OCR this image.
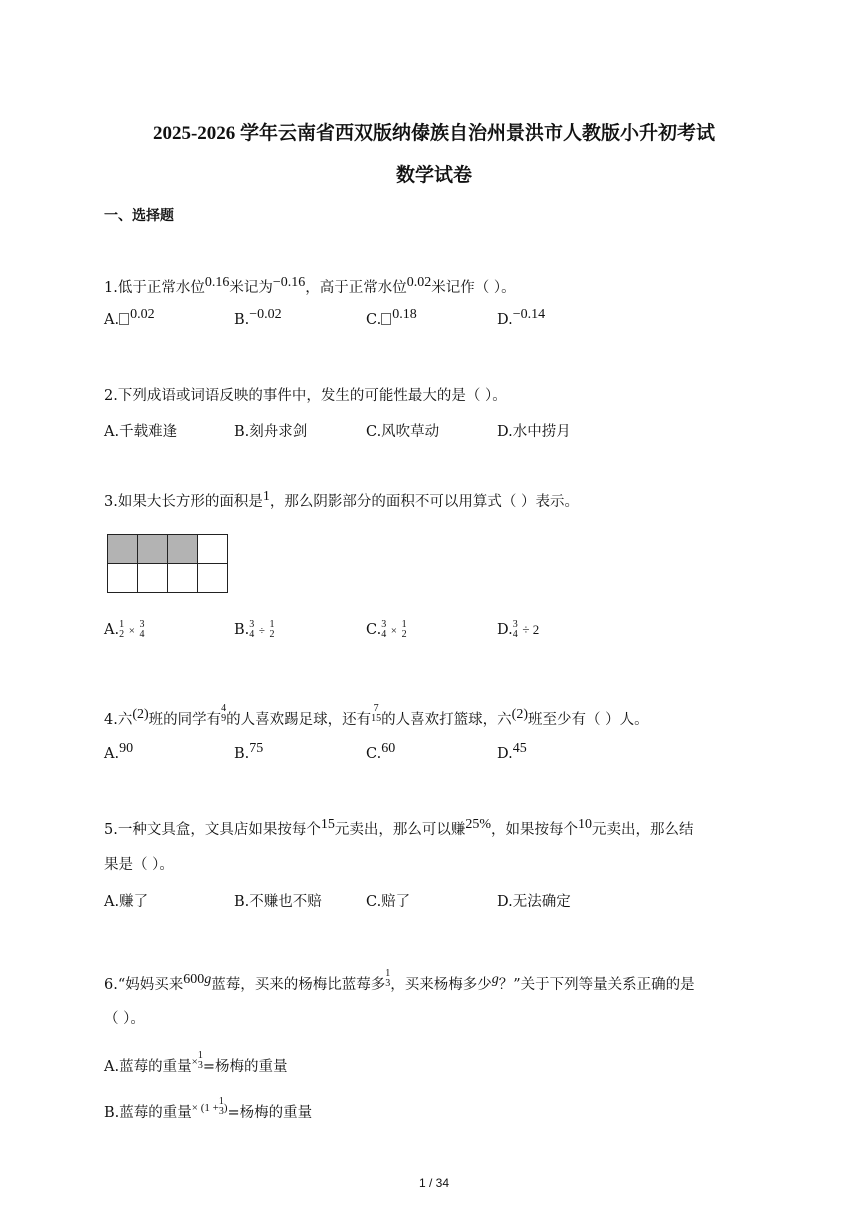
2025-2026 学年云南省西双版纳傣族自治州景洪市人教版小升初考试
数学试卷
一、选择题
1.低于正常水位0.16米记为−0.16，高于正常水位0.02米记作（ ）。
A. 0.02	B.−0.02	C. 0.18	D.−0.14
2.下列成语或词语反映的事件中，发生的可能性最大的是（ ）。
A.千载难逢	B.刻舟求剑	C.风吹草动	D.水中捞月
3.如果大长方形的面积是1，那么阴影部分的面积不可以用算式（ ）表示。

A. 1
2 ×
3
4	B. 3
4 ÷
1
2	C. 3
4 ×
1
2	D. 3
4 ÷ 2
4.六(2)班的同学有
4
9 的人喜欢踢足球，还有
7
15 的人喜欢打篮球，六(2)班至少有（ ）人。
A.90	B.75	C.60	D.45
5.一种文具盒，文具店如果按每个15元卖出，那么可以赚25%，如果按每个10元卖出，那么结
果是（ ）。
A.赚了	B.不赚也不赔	C.赔了	D.无法确定
6.“妈妈买来600g蓝莓，买来的杨梅比蓝莓多
1
3 ，买来杨梅多少g？”关于下列等量关系正确的是
（ ）。
A.蓝莓的重量×
1
3 =杨梅的重量
B.蓝莓的重量$^{\times (1 +}$
1
3 )=杨梅的重量
1 / 34
